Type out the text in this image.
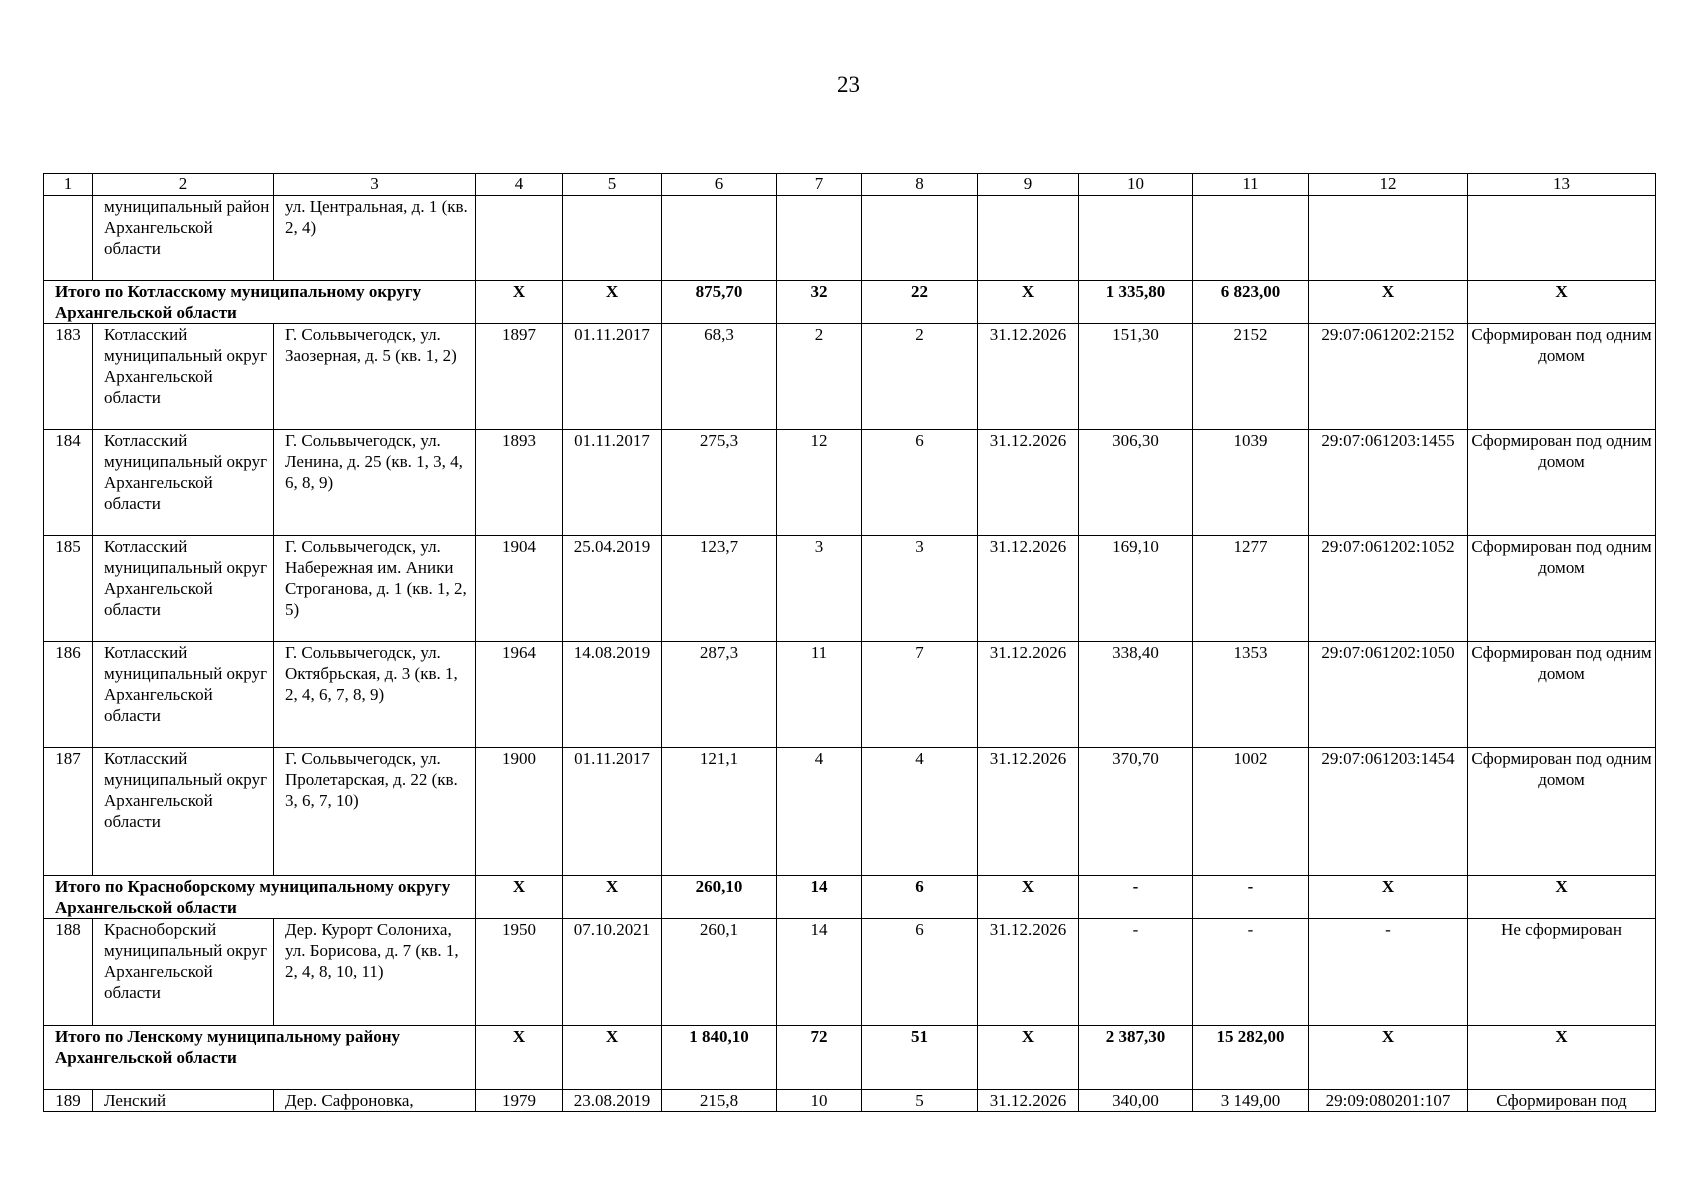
23
1	2	3	4	5	6	7	8	9	10	11	12	13
	муниципальный район Архангельской области	ул. Центральная, д. 1 (кв. 2, 4)										
Итого по Котласскому муниципальному округу Архангельской области			X	X	875,70	32	22	X	1 335,80	6 823,00	X	X
183	Котласский муниципальный округ Архангельской области	Г. Сольвычегодск, ул. Заозерная, д. 5 (кв. 1, 2)	1897	01.11.2017	68,3	2	2	31.12.2026	151,30	2152	29:07:061202:2152	Сформирован под одним домом
184	Котласский муниципальный округ Архангельской области	Г. Сольвычегодск, ул. Ленина, д. 25 (кв. 1, 3, 4, 6, 8, 9)	1893	01.11.2017	275,3	12	6	31.12.2026	306,30	1039	29:07:061203:1455	Сформирован под одним домом
185	Котласский муниципальный округ Архангельской области	Г. Сольвычегодск, ул. Набережная им. Аники Строганова, д. 1 (кв. 1, 2, 5)	1904	25.04.2019	123,7	3	3	31.12.2026	169,10	1277	29:07:061202:1052	Сформирован под одним домом
186	Котласский муниципальный округ Архангельской области	Г. Сольвычегодск, ул. Октябрьская, д. 3 (кв. 1, 2, 4, 6, 7, 8, 9)	1964	14.08.2019	287,3	11	7	31.12.2026	338,40	1353	29:07:061202:1050	Сформирован под одним домом
187	Котласский муниципальный округ Архангельской области	Г. Сольвычегодск, ул. Пролетарская, д. 22 (кв. 3, 6, 7, 10)	1900	01.11.2017	121,1	4	4	31.12.2026	370,70	1002	29:07:061203:1454	Сформирован под одним домом
Итого по Красноборскому муниципальному округу Архангельской области			X	X	260,10	14	6	X	-	-	X	X
188	Красноборский муниципальный округ Архангельской области	Дер. Курорт Солониха, ул. Борисова, д. 7 (кв. 1, 2, 4, 8, 10, 11)	1950	07.10.2021	260,1	14	6	31.12.2026	-	-	-	Не сформирован
Итого по Ленскому муниципальному району Архангельской области			X	X	1 840,10	72	51	X	2 387,30	15 282,00	X	X
189	Ленский	Дер. Сафроновка,	1979	23.08.2019	215,8	10	5	31.12.2026	340,00	3 149,00	29:09:080201:107	Сформирован под
